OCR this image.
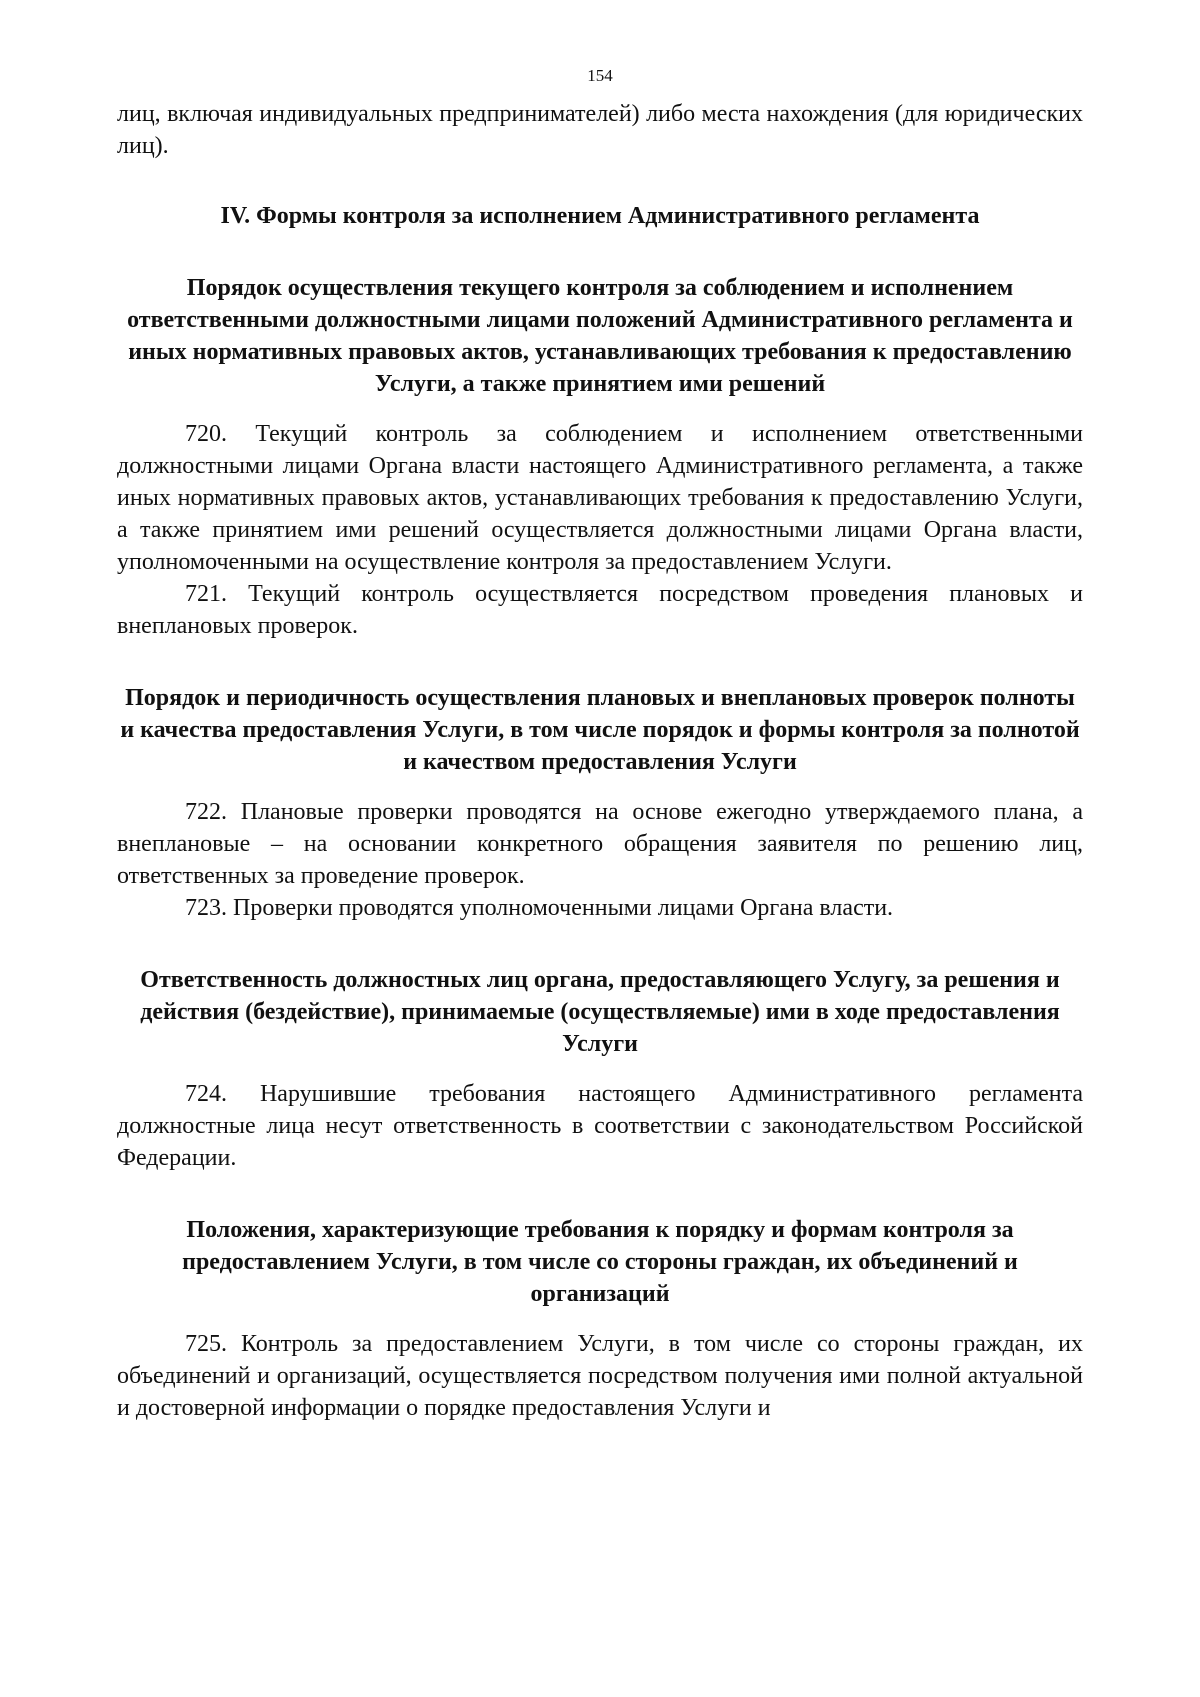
154

лиц, включая индивидуальных предпринимателей) либо места нахождения (для юридических лиц).

IV. Формы контроля за исполнением Административного регламента
Порядок осуществления текущего контроля за соблюдением и исполнением ответственными должностными лицами положений Административного регламента и иных нормативных правовых актов, устанавливающих требования к предоставлению Услуги, а также принятием ими решений

720. Текущий контроль за соблюдением и исполнением ответственными должностными лицами Органа власти настоящего Административного регламента, а также иных нормативных правовых актов, устанавливающих требования к предоставлению Услуги, а также принятием ими решений осуществляется должностными лицами Органа власти, уполномоченными на осуществление контроля за предоставлением Услуги.

721. Текущий контроль осуществляется посредством проведения плановых и внеплановых проверок.

Порядок и периодичность осуществления плановых и внеплановых проверок полноты и качества предоставления Услуги, в том числе порядок и формы контроля за полнотой и качеством предоставления Услуги

722. Плановые проверки проводятся на основе ежегодно утверждаемого плана, а внеплановые – на основании конкретного обращения заявителя по решению лиц, ответственных за проведение проверок.

723. Проверки проводятся уполномоченными лицами Органа власти.

Ответственность должностных лиц органа, предоставляющего Услугу, за решения и действия (бездействие), принимаемые (осуществляемые) ими в ходе предоставления Услуги

724. Нарушившие требования настоящего Административного регламента должностные лица несут ответственность в соответствии с законодательством Российской Федерации.

Положения, характеризующие требования к порядку и формам контроля за предоставлением Услуги, в том числе со стороны граждан, их объединений и организаций

725. Контроль за предоставлением Услуги, в том числе со стороны граждан, их объединений и организаций, осуществляется посредством получения ими полной актуальной и достоверной информации о порядке предоставления Услуги и
